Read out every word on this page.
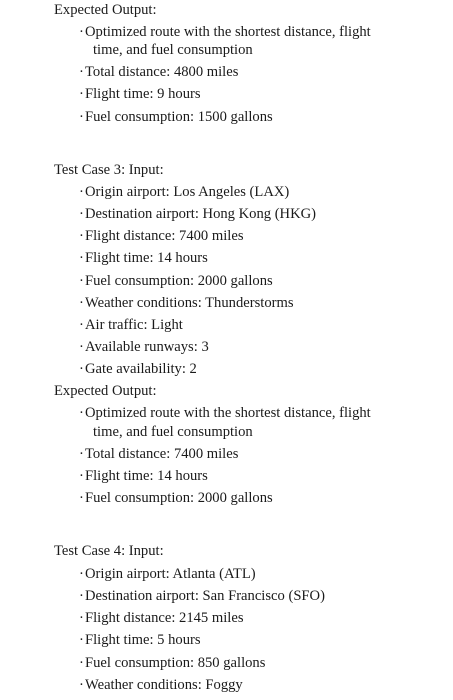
Expected Output:
·Optimized route with the shortest distance, flight
time, and fuel consumption
·Total distance: 4800 miles
·Flight time: 9 hours
·Fuel consumption: 1500 gallons
Test Case 3: Input:
·Origin airport: Los Angeles (LAX)
·Destination airport: Hong Kong (HKG)
·Flight distance: 7400 miles
·Flight time: 14 hours
·Fuel consumption: 2000 gallons
·Weather conditions: Thunderstorms
·Air traffic: Light
·Available runways: 3
·Gate availability: 2
Expected Output:
·Optimized route with the shortest distance, flight
time, and fuel consumption
·Total distance: 7400 miles
·Flight time: 14 hours
·Fuel consumption: 2000 gallons
Test Case 4: Input:
·Origin airport: Atlanta (ATL)
·Destination airport: San Francisco (SFO)
·Flight distance: 2145 miles
·Flight time: 5 hours
·Fuel consumption: 850 gallons
·Weather conditions: Foggy
